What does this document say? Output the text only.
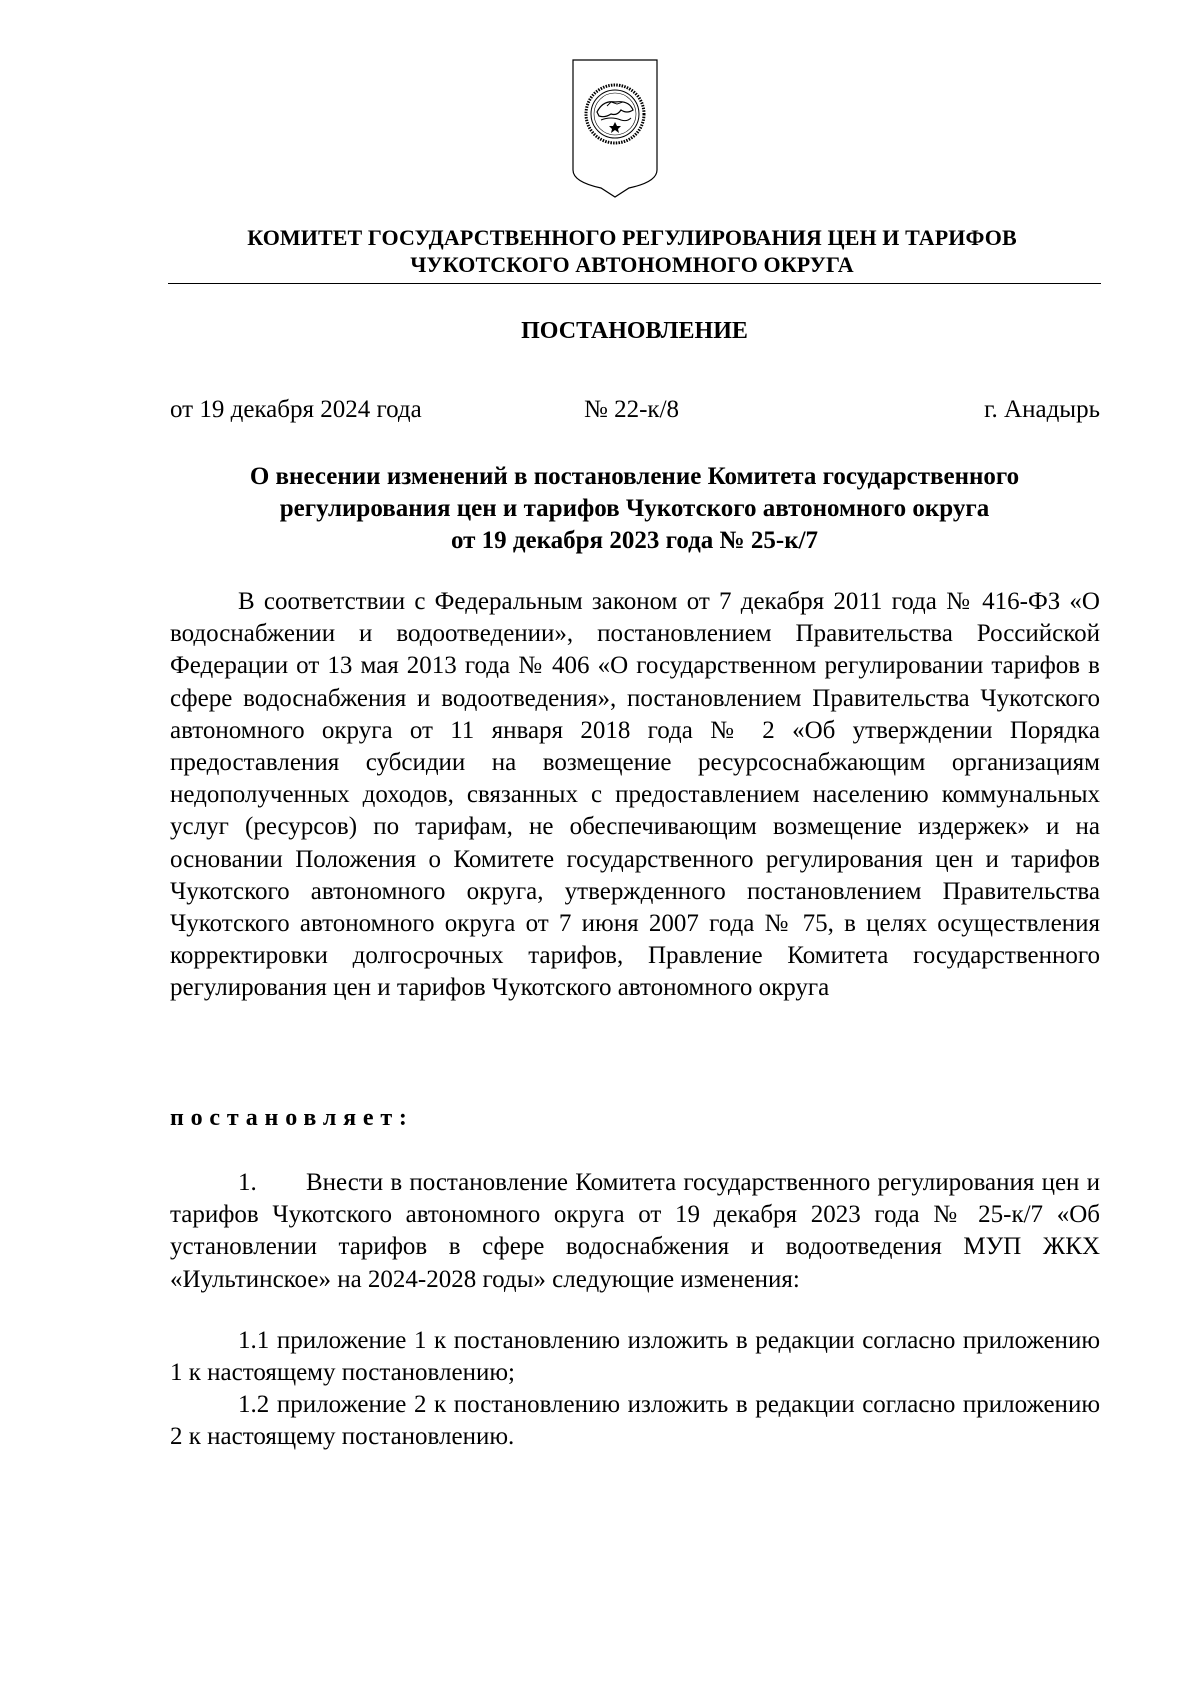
КОМИТЕТ ГОСУДАРСТВЕННОГО РЕГУЛИРОВАНИЯ ЦЕН И ТАРИФОВ
ЧУКОТСКОГО АВТОНОМНОГО ОКРУГА
ПОСТАНОВЛЕНИЕ
от 19 декабря 2024 года	№ 22-к/8	г. Анадырь

О внесении изменений в постановление Комитета государственного

регулирования цен и тарифов Чукотского автономного округа

от 19 декабря 2023 года № 25-к/7

В соответствии с Федеральным законом от 7 декабря 2011 года № 416-ФЗ «О водоснабжении и водоотведении», постановлением Правительства Российской Федерации от 13 мая 2013 года № 406 «О государственном регулировании тарифов в сфере водоснабжения и водоотведения», постановлением Правительства Чукотского автономного округа от 11 января 2018 года № 2 «Об утверждении Порядка предоставления субсидии на возмещение ресурсоснабжающим организациям недополученных доходов, связанных с предоставлением населению коммунальных услуг (ресурсов) по тарифам, не обеспечивающим возмещение издержек» и на основании Положения о Комитете государственного регулирования цен и тарифов Чукотского автономного округа, утвержденного постановлением Правительства Чукотского автономного округа от 7 июня 2007 года № 75, в целях осуществления корректировки долгосрочных тарифов, Правление Комитета государственного регулирования цен и тарифов Чукотского автономного округа
постановляет:
1. Внести в постановление Комитета государственного регулирования цен и тарифов Чукотского автономного округа от 19 декабря 2023 года № 25-к/7 «Об установлении тарифов в сфере водоснабжения и водоотведения МУП ЖКХ «Иультинское» на 2024-2028 годы» следующие изменения:
1.1 приложение 1 к постановлению изложить в редакции согласно приложению 1 к настоящему постановлению;
1.2 приложение 2 к постановлению изложить в редакции согласно приложению 2 к настоящему постановлению.
